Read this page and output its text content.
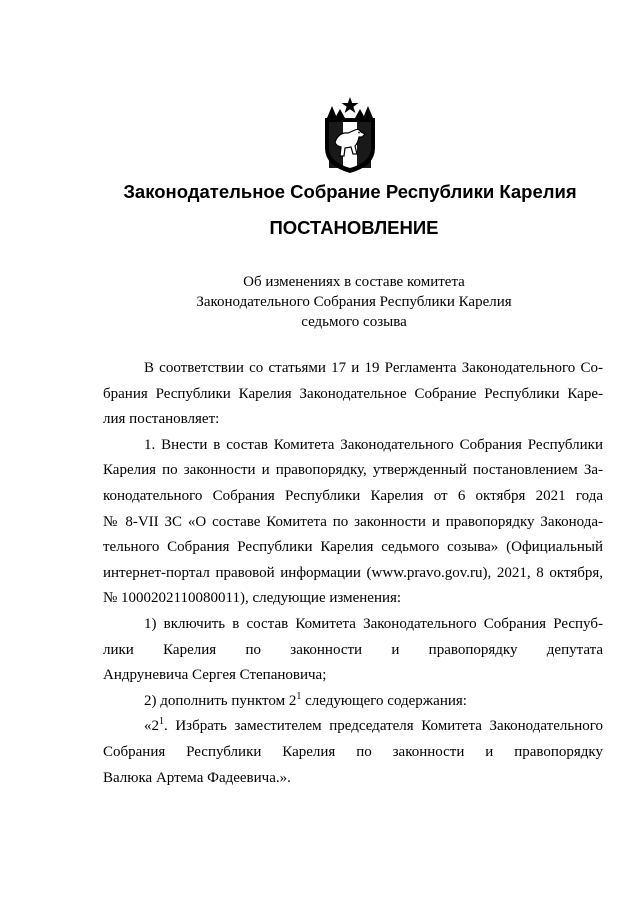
Законодательное Собрание Республики Карелия
ПОСТАНОВЛЕНИЕ
Об изменениях в составе комитета
Законодательного Собрания Республики Карелия
седьмого созыва
В соответствии со статьями 17 и 19 Регламента Законодательного Со-
брания Республики Карелия Законодательное Собрание Республики Каре-
лия постановляет:
1. Внести в состав Комитета Законодательного Собрания Республики
Карелия по законности и правопорядку, утвержденный постановлением За-
конодательного Собрания Республики Карелия от 6 октября 2021 года
№ 8-VII ЗС «О составе Комитета по законности и правопорядку Законода-
тельного Собрания Республики Карелия седьмого созыва» (Официальный
интернет-портал правовой информации (www.pravo.gov.ru), 2021, 8 октября,
№ 1000202110080011), следующие изменения:
1) включить в состав Комитета Законодательного Собрания Респуб-
лики Карелия по законности и правопорядку депутата
Андруневича Сергея Степановича;
2) дополнить пунктом $2^1$ следующего содержания:
«$2^1$. Избрать заместителем председателя Комитета Законодательного
Собрания Республики Карелия по законности и правопорядку
Валюка Артема Фадеевича.».
